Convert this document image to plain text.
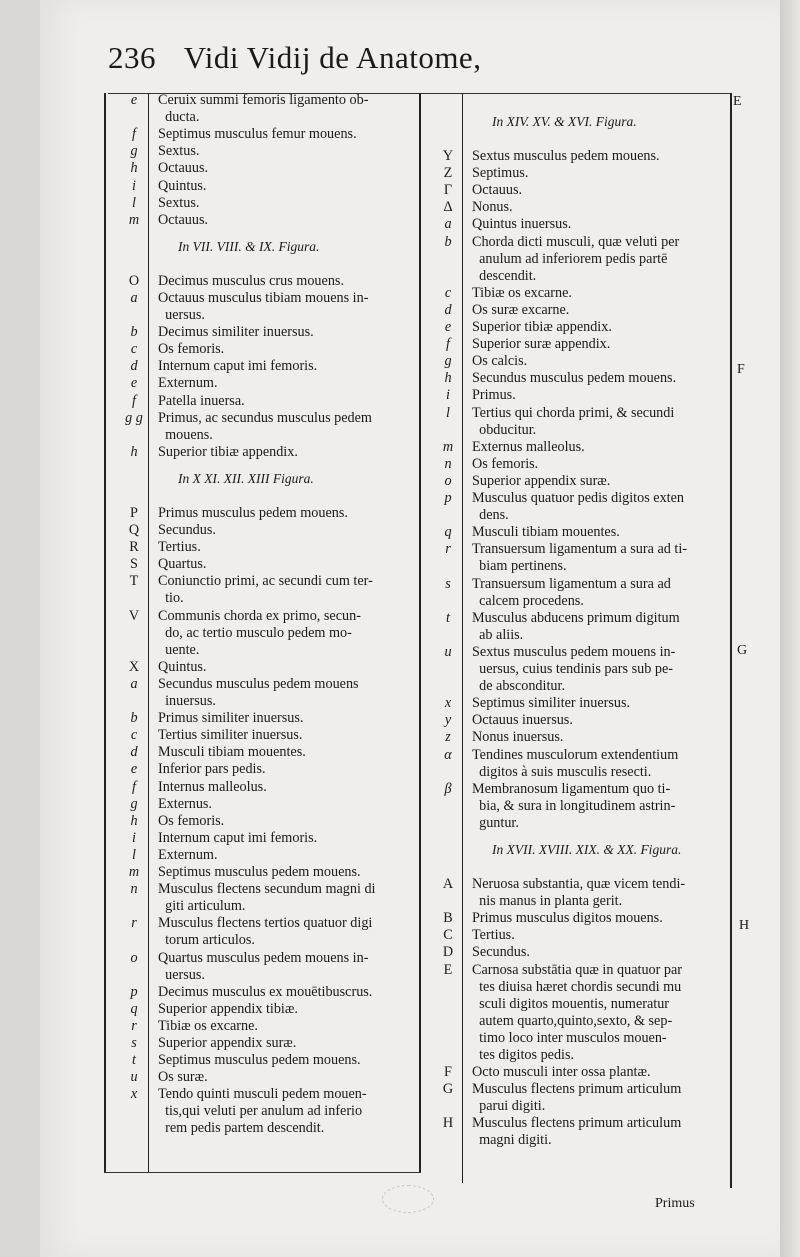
236 Vidi Vidij de Anatome,
E
F
G
H
e	Ceruix summi femoris ligamento ob-
ducta.
f	Septimus musculus femur mouens.
g	Sextus.
h	Octauus.
i	Quintus.
l	Sextus.
m	Octauus.
In VII. VIII. & IX. Figura.
O	Decimus musculus crus mouens.
a	Octauus musculus tibiam mouens in-
uersus.
b	Decimus similiter inuersus.
c	Os femoris.
d	Internum caput imi femoris.
e	Externum.
f	Patella inuersa.
g g	Primus, ac secundus musculus pedem
mouens.
h	Superior tibiæ appendix.
In X XI. XII. XIII Figura.
P	Primus musculus pedem mouens.
Q	Secundus.
R	Tertius.
S	Quartus.
T	Coniunctio primi, ac secundi cum ter-
tio.
V	Communis chorda ex primo, secun-
do, ac tertio musculo pedem mo-
uente.
X	Quintus.
a	Secundus musculus pedem mouens
inuersus.
b	Primus similiter inuersus.
c	Tertius similiter inuersus.
d	Musculi tibiam mouentes.
e	Inferior pars pedis.
f	Internus malleolus.
g	Externus.
h	Os femoris.
i	Internum caput imi femoris.
l	Externum.
m	Septimus musculus pedem mouens.
n	Musculus flectens secundum magni di
giti articulum.
r	Musculus flectens tertios quatuor digi
torum articulos.
o	Quartus musculus pedem mouens in-
uersus.
p	Decimus musculus ex mouētibuscrus.
q	Superior appendix tibiæ.
r	Tibiæ os excarne.
s	Superior appendix suræ.
t	Septimus musculus pedem mouens.
u	Os suræ.
x	Tendo quinti musculi pedem mouen-
tis,qui veluti per anulum ad inferio
rem pedis partem descendit.
In XIV. XV. & XVI. Figura.
Y	Sextus musculus pedem mouens.
Z	Septimus.
Γ	Octauus.
Δ	Nonus.
a	Quintus inuersus.
b	Chorda dicti musculi, quæ veluti per
anulum ad inferiorem pedis partē
descendit.
c	Tibiæ os excarne.
d	Os suræ excarne.
e	Superior tibiæ appendix.
f	Superior suræ appendix.
g	Os calcis.
h	Secundus musculus pedem mouens.
i	Primus.
l	Tertius qui chorda primi, & secundi
obducitur.
m	Externus malleolus.
n	Os femoris.
o	Superior appendix suræ.
p	Musculus quatuor pedis digitos exten
dens.
q	Musculi tibiam mouentes.
r	Transuersum ligamentum a sura ad ti-
biam pertinens.
s	Transuersum ligamentum a sura ad
calcem procedens.
t	Musculus abducens primum digitum
ab aliis.
u	Sextus musculus pedem mouens in-
uersus, cuius tendinis pars sub pe-
de absconditur.
x	Septimus similiter inuersus.
y	Octauus inuersus.
z	Nonus inuersus.
α	Tendines musculorum extendentium
digitos à suis musculis resecti.
β	Membranosum ligamentum quo ti-
bia, & sura in longitudinem astrin-
guntur.
In XVII. XVIII. XIX. & XX. Figura.
A	Neruosa substantia, quæ vicem tendi-
nis manus in planta gerit.
B	Primus musculus digitos mouens.
C	Tertius.
D	Secundus.
E	Carnosa substātia quæ in quatuor par
tes diuisa hæret chordis secundi mu
sculi digitos mouentis, numeratur
autem quarto,quinto,sexto, & sep-
timo loco inter musculos mouen-
tes digitos pedis.
F	Octo musculi inter ossa plantæ.
G	Musculus flectens primum articulum
parui digiti.
H	Musculus flectens primum articulum
magni digiti.
Primus
